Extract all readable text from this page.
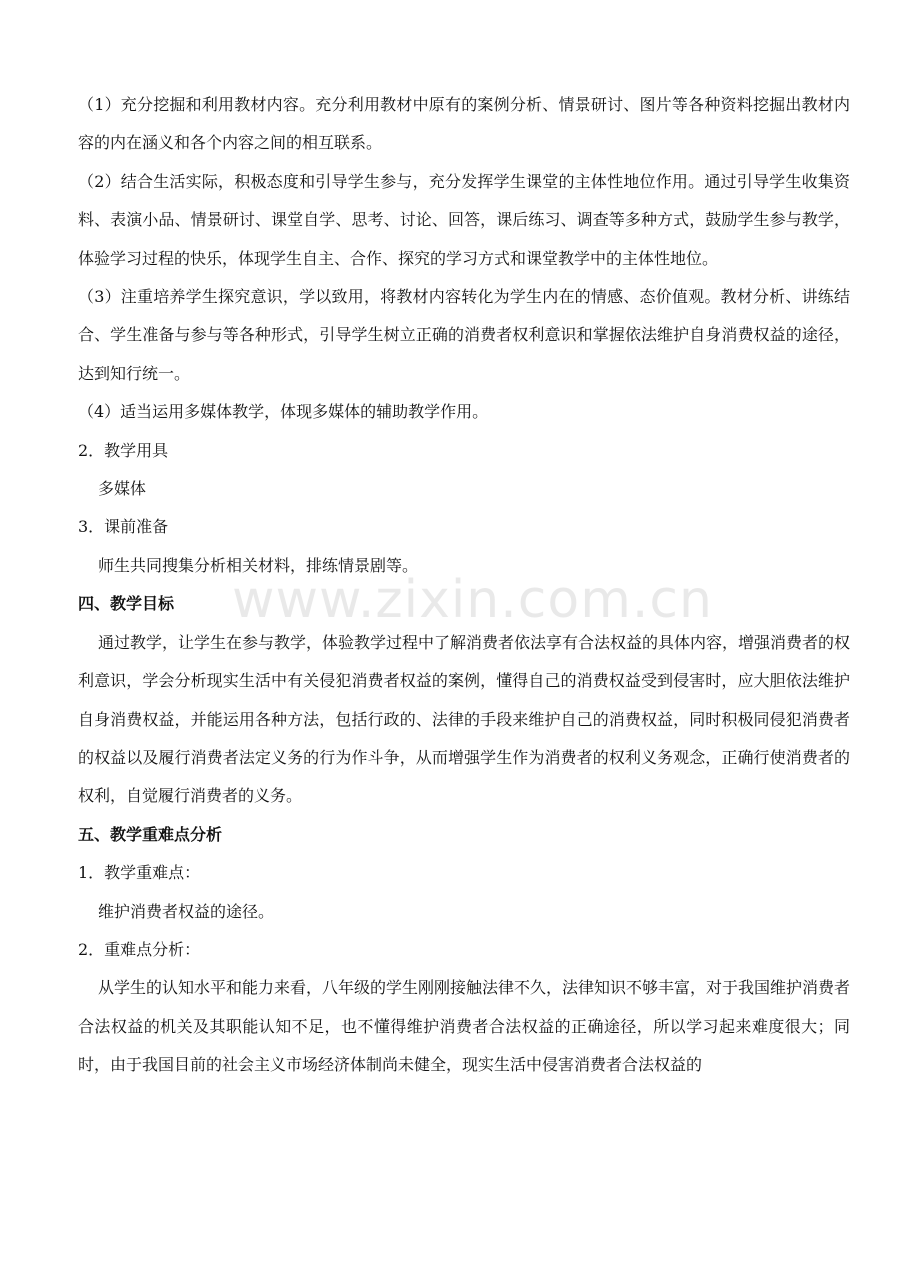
（1）充分挖掘和利用教材内容。充分利用教材中原有的案例分析、情景研讨、图片等各种资料挖掘出教材内容的内在涵义和各个内容之间的相互联系。

（2）结合生活实际，积极态度和引导学生参与，充分发挥学生课堂的主体性地位作用。通过引导学生收集资料、表演小品、情景研讨、课堂自学、思考、讨论、回答，课后练习、调查等多种方式，鼓励学生参与教学，体验学习过程的快乐，体现学生自主、合作、探究的学习方式和课堂教学中的主体性地位。

（3）注重培养学生探究意识，学以致用，将教材内容转化为学生内在的情感、态价值观。教材分析、讲练结合、学生准备与参与等各种形式，引导学生树立正确的消费者权利意识和掌握依法维护自身消费权益的途径，达到知行统一。

（4）适当运用多媒体教学，体现多媒体的辅助教学作用。

2．教学用具

多媒体

3．课前准备

师生共同搜集分析相关材料，排练情景剧等。

四、教学目标

通过教学，让学生在参与教学，体验教学过程中了解消费者依法享有合法权益的具体内容，增强消费者的权利意识，学会分析现实生活中有关侵犯消费者权益的案例，懂得自己的消费权益受到侵害时，应大胆依法维护自身消费权益，并能运用各种方法，包括行政的、法律的手段来维护自己的消费权益，同时积极同侵犯消费者的权益以及履行消费者法定义务的行为作斗争，从而增强学生作为消费者的权利义务观念，正确行使消费者的权利，自觉履行消费者的义务。

五、教学重难点分析

1．教学重难点：

维护消费者权益的途径。

2．重难点分析：

从学生的认知水平和能力来看，八年级的学生刚刚接触法律不久，法律知识不够丰富，对于我国维护消费者合法权益的机关及其职能认知不足，也不懂得维护消费者合法权益的正确途径，所以学习起来难度很大；同时，由于我国目前的社会主义市场经济体制尚未健全，现实生活中侵害消费者合法权益的

www.zixin.com.cn
